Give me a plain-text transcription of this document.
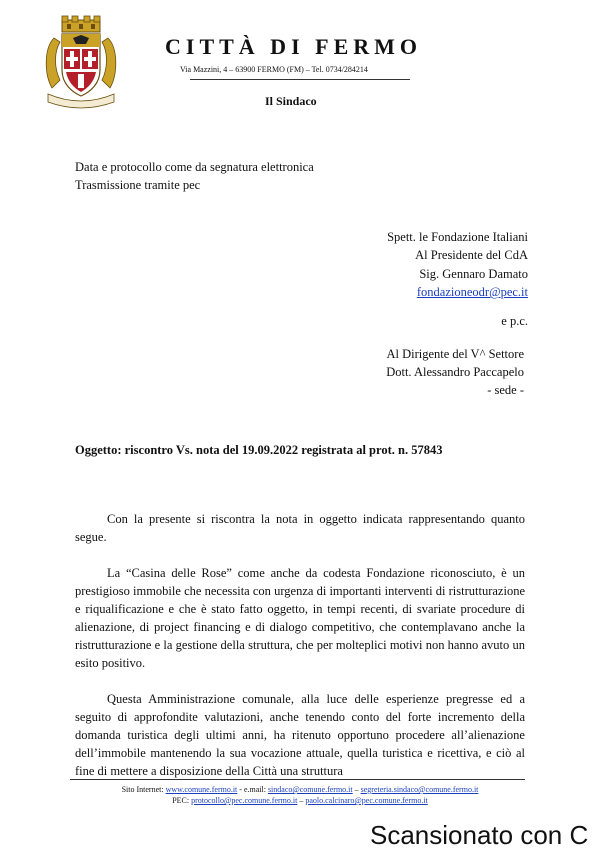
CITTÀ DI FERMO
Via Mazzini, 4 – 63900 FERMO (FM) – Tel. 0734/284214
Il Sindaco
Data e protocollo come da segnatura elettronica
Trasmissione tramite pec
Spett. le Fondazione Italiani
Al Presidente del CdA
Sig. Gennaro Damato
fondazioneodr@pec.it
e p.c.
Al Dirigente del V^ Settore
Dott. Alessandro Paccapelo
- sede -
Oggetto: riscontro Vs. nota del 19.09.2022 registrata al prot. n. 57843

Con la presente si riscontra la nota in oggetto indicata rappresentando quanto segue.

La “Casina delle Rose” come anche da codesta Fondazione riconosciuto, è un prestigioso immobile che necessita con urgenza di importanti interventi di ristrutturazione e riqualificazione e che è stato fatto oggetto, in tempi recenti, di svariate procedure di alienazione, di project financing e di dialogo competitivo, che contemplavano anche la ristrutturazione e la gestione della struttura, che per molteplici motivi non hanno avuto un esito positivo.

Questa Amministrazione comunale, alla luce delle esperienze pregresse ed a seguito di approfondite valutazioni, anche tenendo conto del forte incremento della domanda turistica degli ultimi anni, ha ritenuto opportuno procedere all’alienazione dell’immobile mantenendo la sua vocazione attuale, quella turistica e ricettiva, e ciò al fine di mettere a disposizione della Città una struttura

Sito Internet: www.comune.fermo.it - e.mail: sindaco@comune.fermo.it – segreteria.sindaco@comune.fermo.it
PEC: protocollo@pec.comune.fermo.it – paolo.calcinaro@pec.comune.fermo.it
Scansionato con C
